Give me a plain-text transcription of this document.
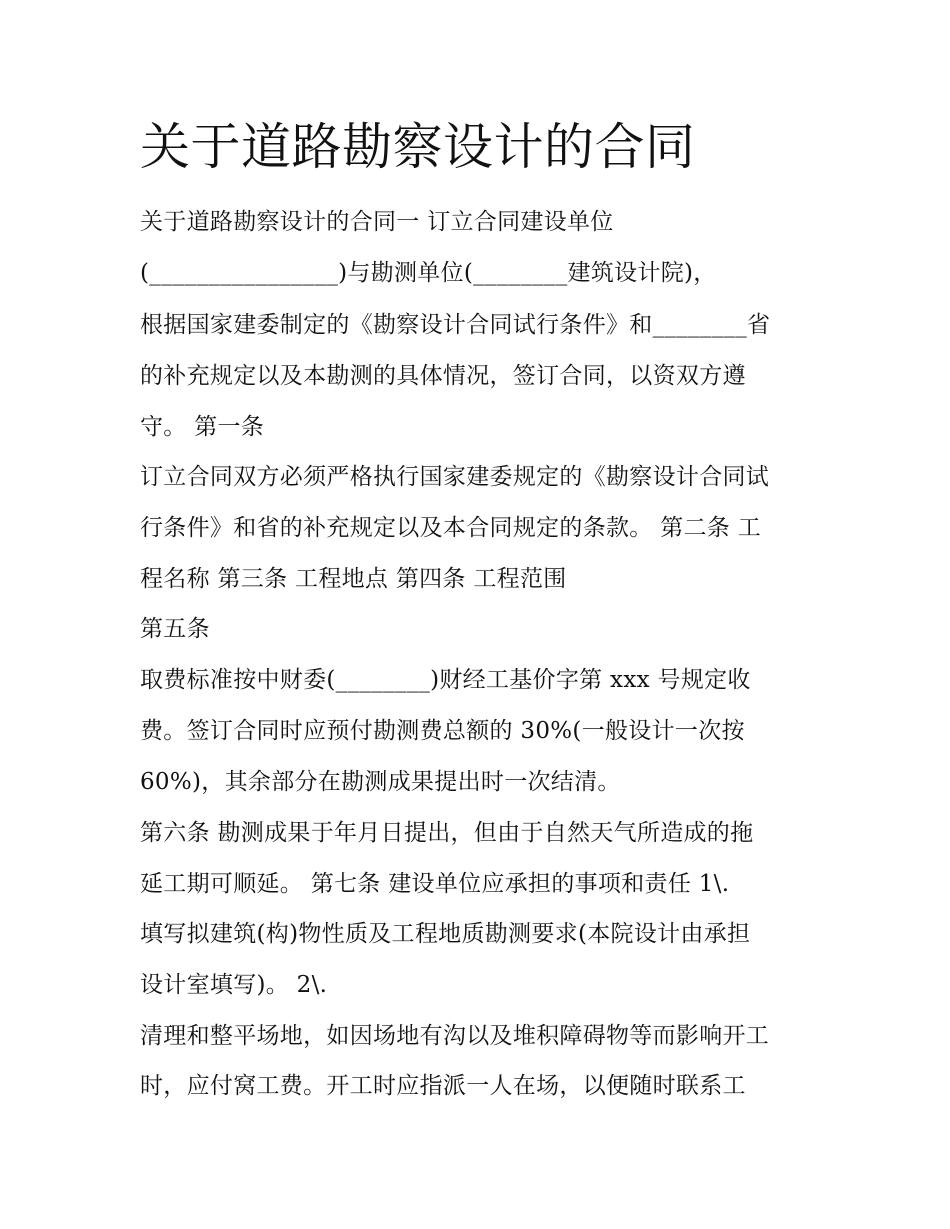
关于道路勘察设计的合同
关于道路勘察设计的合同一 订立合同建设单位
(________________)与勘测单位(________建筑设计院)，
根据国家建委制定的《勘察设计合同试行条件》和________省
的补充规定以及本勘测的具体情况，签订合同，以资双方遵
守。 第一条
订立合同双方必须严格执行国家建委规定的《勘察设计合同试
行条件》和省的补充规定以及本合同规定的条款。 第二条 工
程名称 第三条 工程地点 第四条 工程范围
第五条
取费标准按中财委(________)财经工基价字第 xxx 号规定收
费。签订合同时应预付勘测费总额的 30%(一般设计一次按
60%)，其余部分在勘测成果提出时一次结清。
第六条 勘测成果于年月日提出，但由于自然天气所造成的拖
延工期可顺延。 第七条 建设单位应承担的事项和责任 1\.
填写拟建筑(构)物性质及工程地质勘测要求(本院设计由承担
设计室填写)。 2\.
清理和整平场地，如因场地有沟以及堆积障碍物等而影响开工
时，应付窝工费。开工时应指派一人在场，以便随时联系工
